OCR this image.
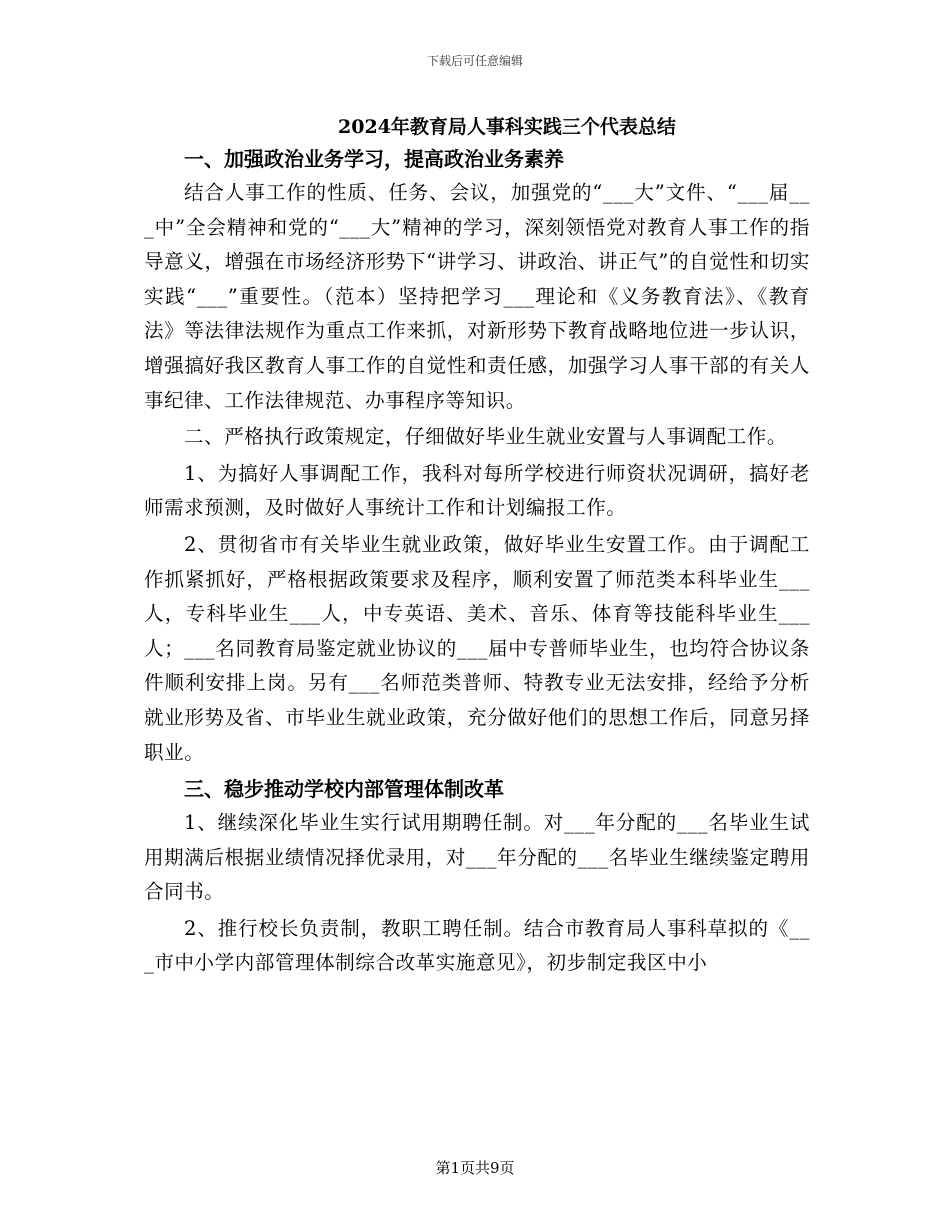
下载后可任意编辑
2024年教育局人事科实践三个代表总结
一、加强政治业务学习，提高政治业务素养

结合人事工作的性质、任务、会议，加强党的“___大”文件、“___届___中”全会精神和党的“___大”精神的学习，深刻领悟党对教育人事工作的指导意义，增强在市场经济形势下“讲学习、讲政治、讲正气”的自觉性和切实实践“___”重要性。（范本）坚持把学习___理论和《义务教育法》、《教育法》等法律法规作为重点工作来抓，对新形势下教育战略地位进一步认识，增强搞好我区教育人事工作的自觉性和责任感，加强学习人事干部的有关人事纪律、工作法律规范、办事程序等知识。

二、严格执行政策规定，仔细做好毕业生就业安置与人事调配工作。

1、为搞好人事调配工作，我科对每所学校进行师资状况调研，搞好老师需求预测，及时做好人事统计工作和计划编报工作。

2、贯彻省市有关毕业生就业政策，做好毕业生安置工作。由于调配工作抓紧抓好，严格根据政策要求及程序，顺利安置了师范类本科毕业生___人，专科毕业生___人，中专英语、美术、音乐、体育等技能科毕业生___人；___名同教育局鉴定就业协议的___届中专普师毕业生，也均符合协议条件顺利安排上岗。另有___名师范类普师、特教专业无法安排，经给予分析就业形势及省、市毕业生就业政策，充分做好他们的思想工作后，同意另择职业。

三、稳步推动学校内部管理体制改革

1、继续深化毕业生实行试用期聘任制。对___年分配的___名毕业生试用期满后根据业绩情况择优录用，对___年分配的___名毕业生继续鉴定聘用合同书。

2、推行校长负责制，教职工聘任制。结合市教育局人事科草拟的《___市中小学内部管理体制综合改革实施意见》，初步制定我区中小

第1页共9页
